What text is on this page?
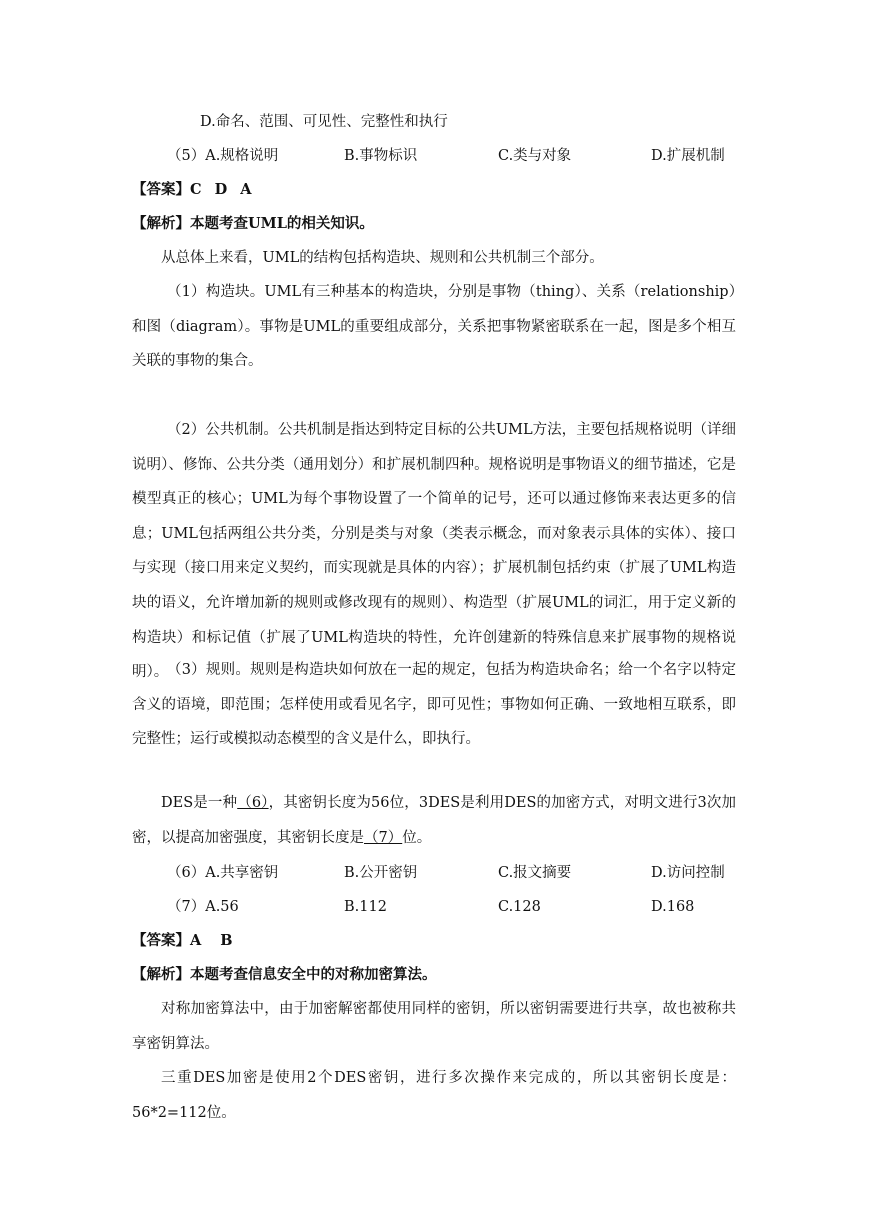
D.命名、范围、可见性、完整性和执行
（5）A.规格说明	B.事物标识	C.类与对象	D.扩展机制
【答案】C D A
【解析】本题考查UML的相关知识。
从总体上来看，UML的结构包括构造块、规则和公共机制三个部分。
（1）构造块。UML有三种基本的构造块，分别是事物（thing）、关系（relationship）和图（diagram）。事物是UML的重要组成部分，关系把事物紧密联系在一起，图是多个相互关联的事物的集合。
（2）公共机制。公共机制是指达到特定目标的公共UML方法，主要包括规格说明（详细说明）、修饰、公共分类（通用划分）和扩展机制四种。规格说明是事物语义的细节描述，它是模型真正的核心；UML为每个事物设置了一个简单的记号，还可以通过修饰来表达更多的信息；UML包括两组公共分类，分别是类与对象（类表示概念，而对象表示具体的实体）、接口与实现（接口用来定义契约，而实现就是具体的内容）；扩展机制包括约束（扩展了UML构造块的语义，允许增加新的规则或修改现有的规则）、构造型（扩展UML的词汇，用于定义新的构造块）和标记值（扩展了UML构造块的特性，允许创建新的特殊信息来扩展事物的规格说明）。
（3）规则。规则是构造块如何放在一起的规定，包括为构造块命名；给一个名字以特定含义的语境，即范围；怎样使用或看见名字，即可见性；事物如何正确、一致地相互联系，即完整性；运行或模拟动态模型的含义是什么，即执行。
DES是一种（6），其密钥长度为56位，3DES是利用DES的加密方式，对明文进行3次加密，以提高加密强度，其密钥长度是（7）位。
（6）A.共享密钥	B.公开密钥	C.报文摘要	D.访问控制
（7）A.56	B.112	C.128	D.168
【答案】A B
【解析】本题考查信息安全中的对称加密算法。
对称加密算法中，由于加密解密都使用同样的密钥，所以密钥需要进行共享，故也被称共享密钥算法。
三重DES加密是使用2个DES密钥，进行多次操作来完成的，所以其密钥长度是：56*2=112位。
